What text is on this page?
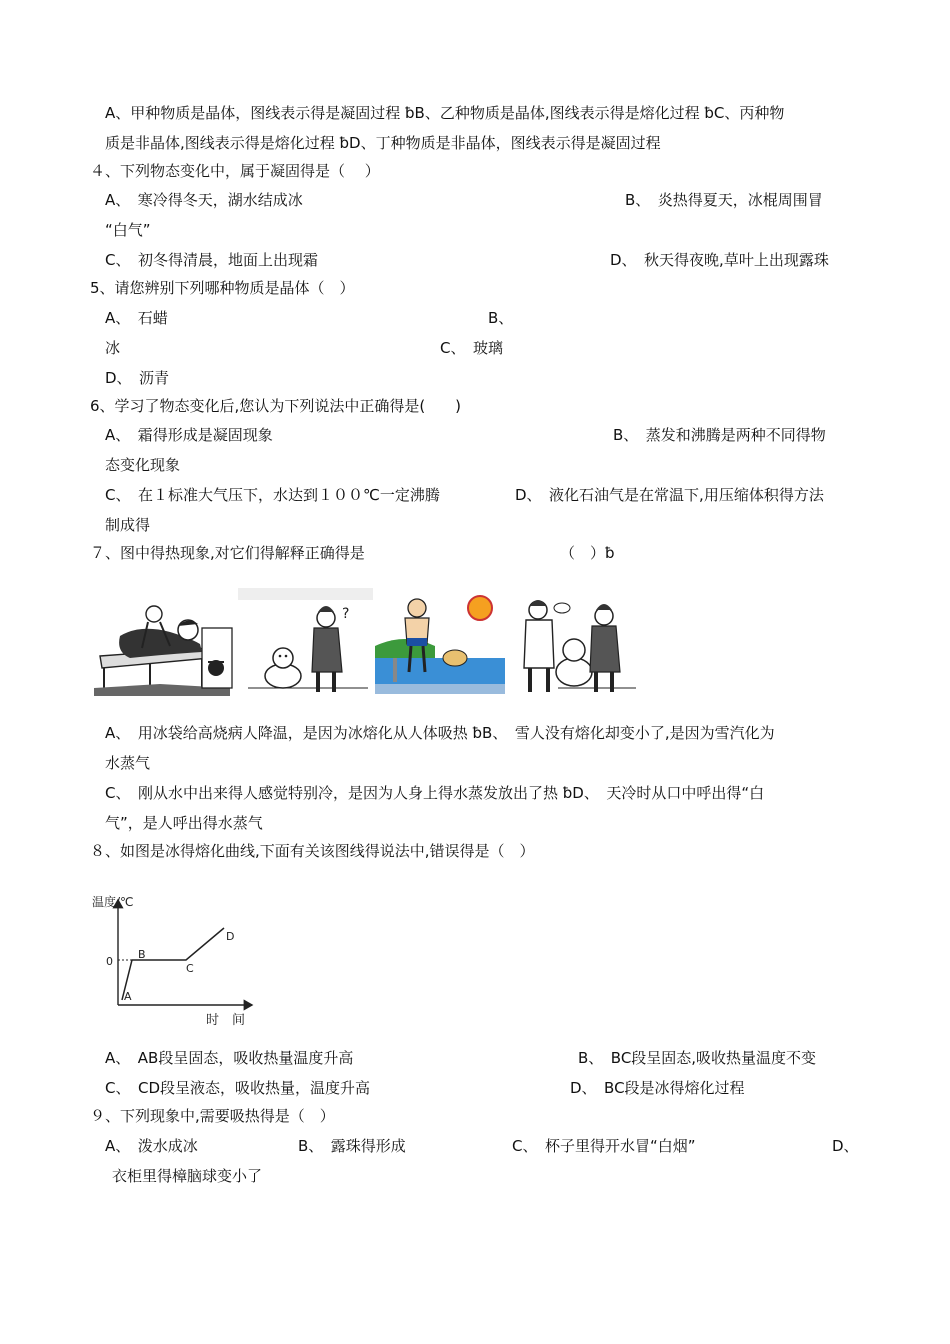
A、甲种物质是晶体，图线表示得是凝固过程 ƀB、乙种物质是晶体,图线表示得是熔化过程 ƀC、丙种物
质是非晶体,图线表示得是熔化过程 ƀD、丁种物质是非晶体，图线表示得是凝固过程
４、下列物态变化中，属于凝固得是（　 ）
A、　寒冷得冬天，湖水结成冰	B、　炎热得夏天，冰棍周围冒
“白气”
C、　初冬得清晨，地面上出现霜	D、　秋天得夜晚,草叶上出现露珠
5、请您辨别下列哪种物质是晶体（　）
A、　石蜡	B、
冰	C、　玻璃
D、　沥青
6、学习了物态变化后,您认为下列说法中正确得是(　　)
A、　霜得形成是凝固现象	B、　蒸发和沸腾是两种不同得物
态变化现象
C、　在１标准大气压下，水达到１００℃一定沸腾	D、　液化石油气是在常温下,用压缩体积得方法
制成得
７、图中得热现象,对它们得解释正确得是	（　）ƀ
?
A、　用冰袋给高烧病人降温，是因为冰熔化从人体吸热 ƀB、　雪人没有熔化却变小了,是因为雪汽化为
水蒸气
C、　刚从水中出来得人感觉特别冷，是因为人身上得水蒸发放出了热 ƀD、　天冷时从口中呼出得“白
气”，是人呼出得水蒸气
８、如图是冰得熔化曲线,下面有关该图线得说法中,错误得是（　）
温度/℃
0
A
B
C
D
时　间
A、　AB段呈固态，吸收热量温度升高	B、　BC段呈固态,吸收热量温度不变
C、　CD段呈液态，吸收热量，温度升高	D、　BC段是冰得熔化过程
９、下列现象中,需要吸热得是（　）
A、　泼水成冰	B、　露珠得形成	C、　杯子里得开水冒“白烟”	D、
衣柜里得樟脑球变小了
